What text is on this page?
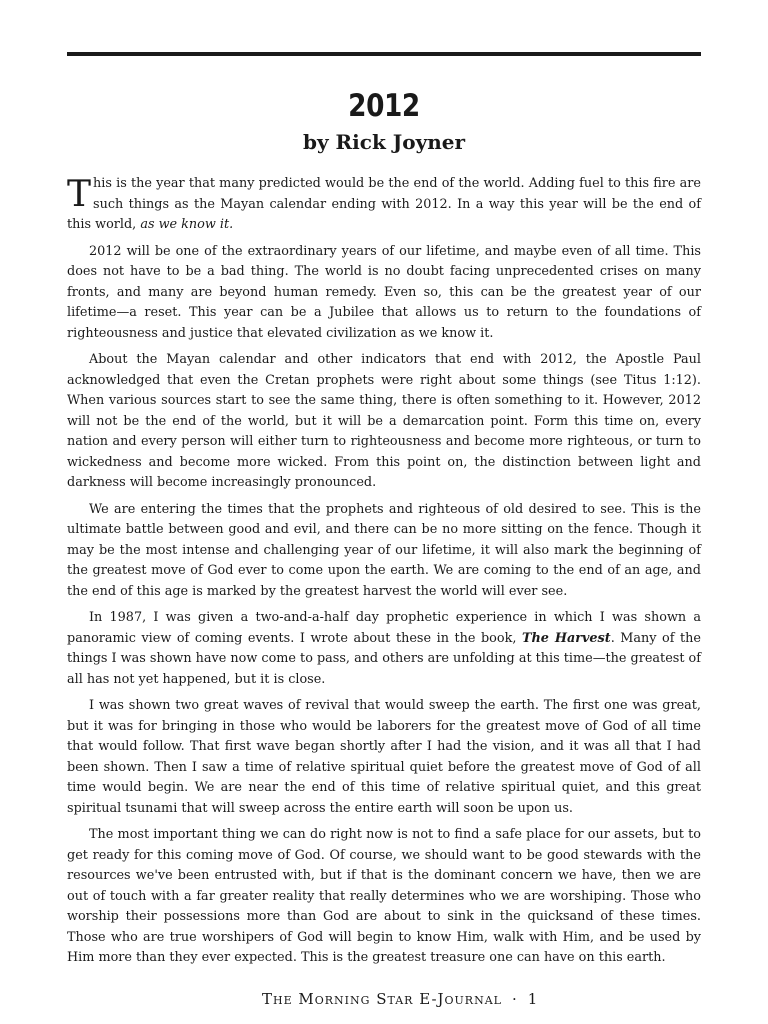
2012
by Rick Joyner

This is the year that many predicted would be the end of the world. Adding fuel to this fire are such things as the Mayan calendar ending with 2012. In a way this year will be the end of this world, as we know it.

2012 will be one of the extraordinary years of our lifetime, and maybe even of all time. This does not have to be a bad thing. The world is no doubt facing unprecedented crises on many fronts, and many are beyond human remedy. Even so, this can be the greatest year of our lifetime—a reset. This year can be a Jubilee that allows us to return to the foundations of righteousness and justice that elevated civilization as we know it.

About the Mayan calendar and other indicators that end with 2012, the Apostle Paul acknowledged that even the Cretan prophets were right about some things (see Titus 1:12). When various sources start to see the same thing, there is often something to it. However, 2012 will not be the end of the world, but it will be a demarcation point. Form this time on, every nation and every person will either turn to righteousness and become more righteous, or turn to wickedness and become more wicked. From this point on, the distinction between light and darkness will become increasingly pronounced.

We are entering the times that the prophets and righteous of old desired to see. This is the ultimate battle between good and evil, and there can be no more sitting on the fence. Though it may be the most intense and challenging year of our lifetime, it will also mark the beginning of the greatest move of God ever to come upon the earth. We are coming to the end of an age, and the end of this age is marked by the greatest harvest the world will ever see.

In 1987, I was given a two-and-a-half day prophetic experience in which I was shown a panoramic view of coming events. I wrote about these in the book, The Harvest. Many of the things I was shown have now come to pass, and others are unfolding at this time—the greatest of all has not yet happened, but it is close.

I was shown two great waves of revival that would sweep the earth. The first one was great, but it was for bringing in those who would be laborers for the greatest move of God of all time that would follow. That first wave began shortly after I had the vision, and it was all that I had been shown. Then I saw a time of relative spiritual quiet before the greatest move of God of all time would begin. We are near the end of this time of relative spiritual quiet, and this great spiritual tsunami that will sweep across the entire earth will soon be upon us.

The most important thing we can do right now is not to find a safe place for our assets, but to get ready for this coming move of God. Of course, we should want to be good stewards with the resources we've been entrusted with, but if that is the dominant concern we have, then we are out of touch with a far greater reality that really determines who we are worshiping. Those who worship their possessions more than God are about to sink in the quicksand of these times. Those who are true worshipers of God will begin to know Him, walk with Him, and be used by Him more than they ever expected. This is the greatest treasure one can have on this earth.

The Morning Star E-Journal · 1
